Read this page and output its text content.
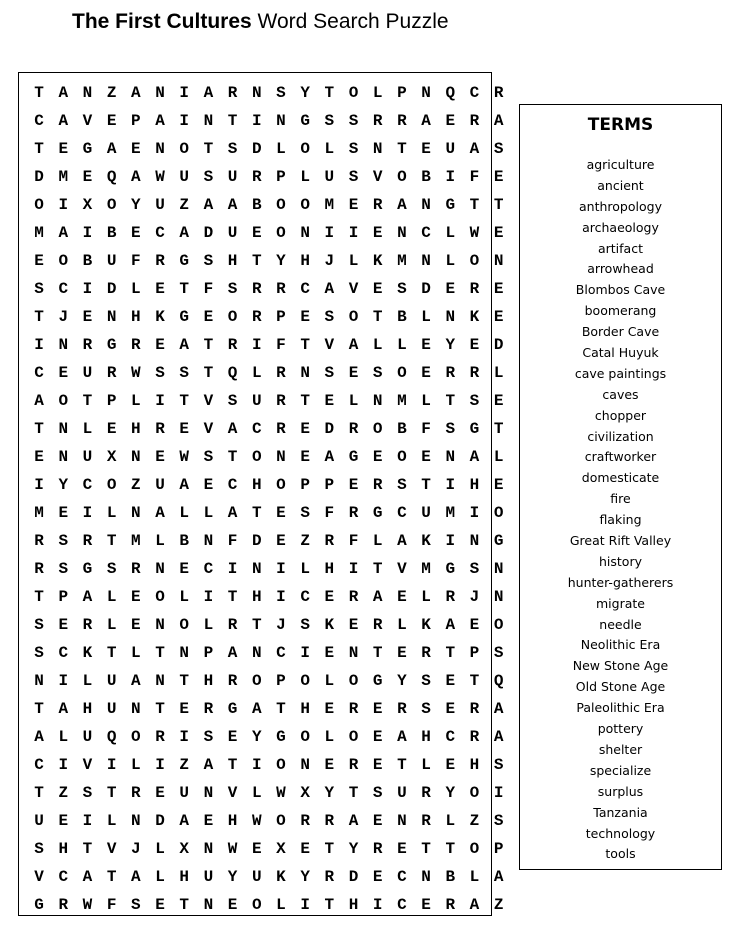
The First Cultures Word Search Puzzle
T A N Z A N I A R N S Y T O L P N Q C R
C A V E P A I N T I N G S S R R A E R A
T E G A E N O T S D L O L S N T E U A S
D M E Q A W U S U R P L U S V O B I F E
O I X O Y U Z A A B O O M E R A N G T T
M A I B E C A D U E O N I I E N C L W E
E O B U F R G S H T Y H J L K M N L O N
S C I D L E T F S R R C A V E S D E R E
T J E N H K G E O R P E S O T B L N K E
I N R G R E A T R I F T V A L L E Y E D
C E U R W S S T Q L R N S E S O E R R L
A O T P L I T V S U R T E L N M L T S E
T N L E H R E V A C R E D R O B F S G T
E N U X N E W S T O N E A G E O E N A L
I Y C O Z U A E C H O P P E R S T I H E
M E I L N A L L A T E S F R G C U M I O
R S R T M L B N F D E Z R F L A K I N G
R S G S R N E C I N I L H I T V M G S N
T P A L E O L I T H I C E R A E L R J N
S E R L E N O L R T J S K E R L K A E O
S C K T L T N P A N C I E N T E R T P S
N I L U A N T H R O P O L O G Y S E T Q
T A H U N T E R G A T H E R E R S E R A
A L U Q O R I S E Y G O L O E A H C R A
C I V I L I Z A T I O N E R E T L E H S
T Z S T R E U N V L W X Y T S U R Y O I
U E I L N D A E H W O R R A E N R L Z S
S H T V J L X N W E X E T Y R E T T O P
V C A T A L H U Y U K Y R D E C N B L A
G R W F S E T N E O L I T H I C E R A Z
TERMS
agriculture
ancient
anthropology
archaeology
artifact
arrowhead
Blombos Cave
boomerang
Border Cave
Catal Huyuk
cave paintings
caves
chopper
civilization
craftworker
domesticate
fire
flaking
Great Rift Valley
history
hunter-gatherers
migrate
needle
Neolithic Era
New Stone Age
Old Stone Age
Paleolithic Era
pottery
shelter
specialize
surplus
Tanzania
technology
tools
